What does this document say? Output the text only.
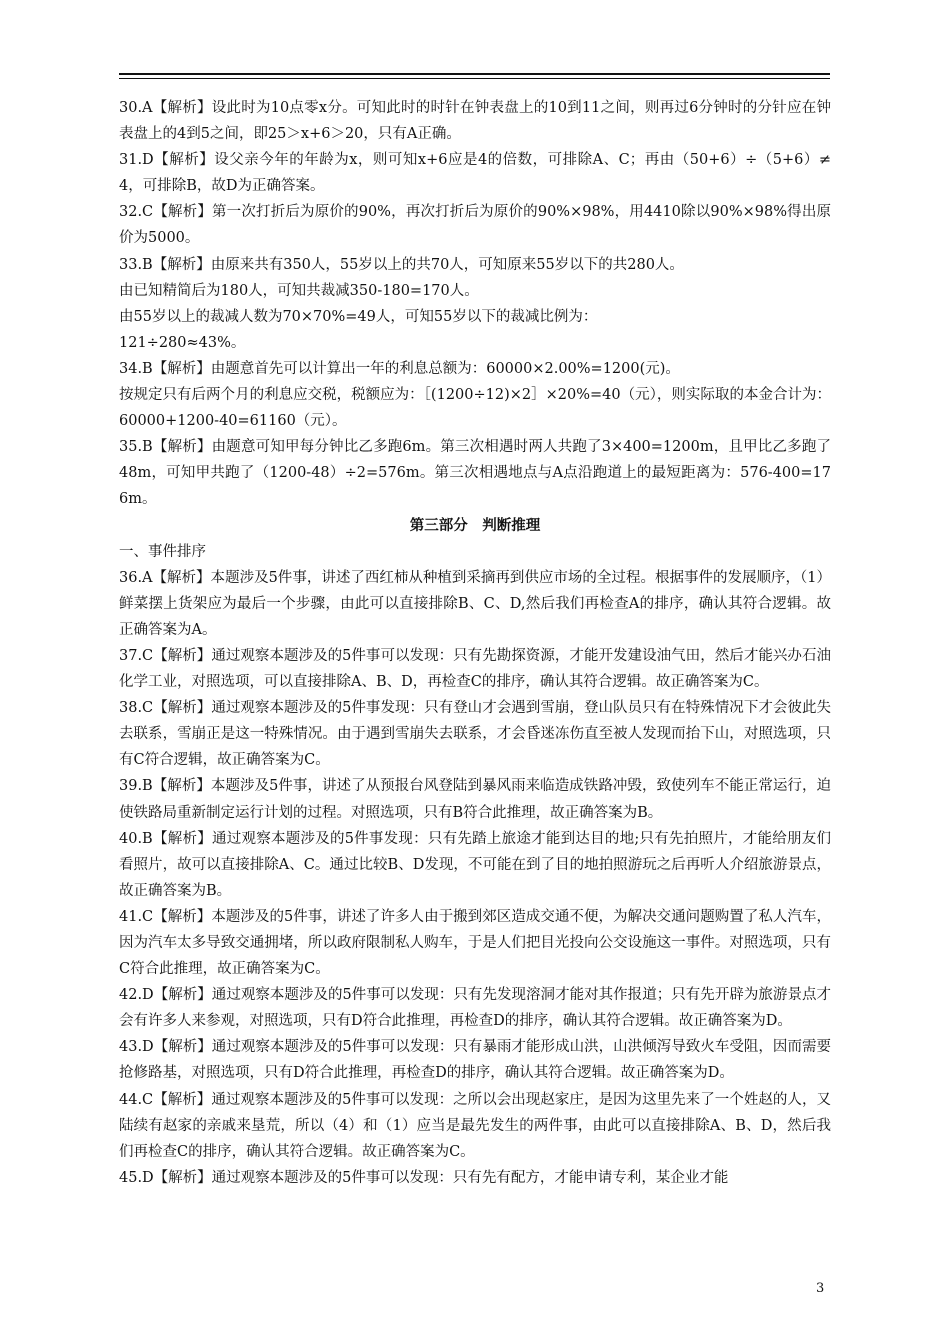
30.A【解析】设此时为10点零x分。可知此时的时针在钟表盘上的10到11之间，则再过6分钟时的分针应在钟表盘上的4到5之间，即25＞x+6＞20，只有A正确。

31.D【解析】设父亲今年的年龄为x，则可知x+6应是4的倍数，可排除A、C；再由（50+6）÷（5+6）≠4，可排除B，故D为正确答案。

32.C【解析】第一次打折后为原价的90%，再次打折后为原价的90%×98%，用4410除以90%×98%得出原价为5000。

33.B【解析】由原来共有350人，55岁以上的共70人，可知原来55岁以下的共280人。

由已知精简后为180人，可知共裁减350-180=170人。

由55岁以上的裁减人数为70×70%=49人，可知55岁以下的裁减比例为：

121÷280≈43%。

34.B【解析】由题意首先可以计算出一年的利息总额为：60000×2.00%=1200(元)。

按规定只有后两个月的利息应交税，税额应为：［(1200÷12)×2］×20%=40（元），则实际取的本金合计为：60000+1200-40=61160（元）。

35.B【解析】由题意可知甲每分钟比乙多跑6m。第三次相遇时两人共跑了3×400=1200m，且甲比乙多跑了48m，可知甲共跑了（1200-48）÷2=576m。第三次相遇地点与A点沿跑道上的最短距离为：576-400=176m。

第三部分　判断推理

一、事件排序

36.A【解析】本题涉及5件事，讲述了西红柿从种植到采摘再到供应市场的全过程。根据事件的发展顺序，（1）鲜菜摆上货架应为最后一个步骤，由此可以直接排除B、C、D,然后我们再检查A的排序，确认其符合逻辑。故正确答案为A。

37.C【解析】通过观察本题涉及的5件事可以发现：只有先勘探资源，才能开发建设油气田，然后才能兴办石油化学工业，对照选项，可以直接排除A、B、D，再检查C的排序，确认其符合逻辑。故正确答案为C。

38.C【解析】通过观察本题涉及的5件事发现：只有登山才会遇到雪崩，登山队员只有在特殊情况下才会彼此失去联系，雪崩正是这一特殊情况。由于遇到雪崩失去联系，才会昏迷冻伤直至被人发现而抬下山，对照选项，只有C符合逻辑，故正确答案为C。

39.B【解析】本题涉及5件事，讲述了从预报台风登陆到暴风雨来临造成铁路冲毁，致使列车不能正常运行，迫使铁路局重新制定运行计划的过程。对照选项，只有B符合此推理，故正确答案为B。

40.B【解析】通过观察本题涉及的5件事发现：只有先踏上旅途才能到达目的地;只有先拍照片，才能给朋友们看照片，故可以直接排除A、C。通过比较B、D发现，不可能在到了目的地拍照游玩之后再听人介绍旅游景点，故正确答案为B。

41.C【解析】本题涉及的5件事，讲述了许多人由于搬到郊区造成交通不便，为解决交通问题购置了私人汽车，因为汽车太多导致交通拥堵，所以政府限制私人购车，于是人们把目光投向公交设施这一事件。对照选项，只有C符合此推理，故正确答案为C。

42.D【解析】通过观察本题涉及的5件事可以发现：只有先发现溶洞才能对其作报道；只有先开辟为旅游景点才会有许多人来参观，对照选项，只有D符合此推理，再检查D的排序，确认其符合逻辑。故正确答案为D。

43.D【解析】通过观察本题涉及的5件事可以发现：只有暴雨才能形成山洪，山洪倾泻导致火车受阻，因而需要抢修路基，对照选项，只有D符合此推理，再检查D的排序，确认其符合逻辑。故正确答案为D。

44.C【解析】通过观察本题涉及的5件事可以发现：之所以会出现赵家庄，是因为这里先来了一个姓赵的人，又陆续有赵家的亲戚来垦荒，所以（4）和（1）应当是最先发生的两件事，由此可以直接排除A、B、D，然后我们再检查C的排序，确认其符合逻辑。故正确答案为C。

45.D【解析】通过观察本题涉及的5件事可以发现：只有先有配方，才能申请专利，某企业才能

3
